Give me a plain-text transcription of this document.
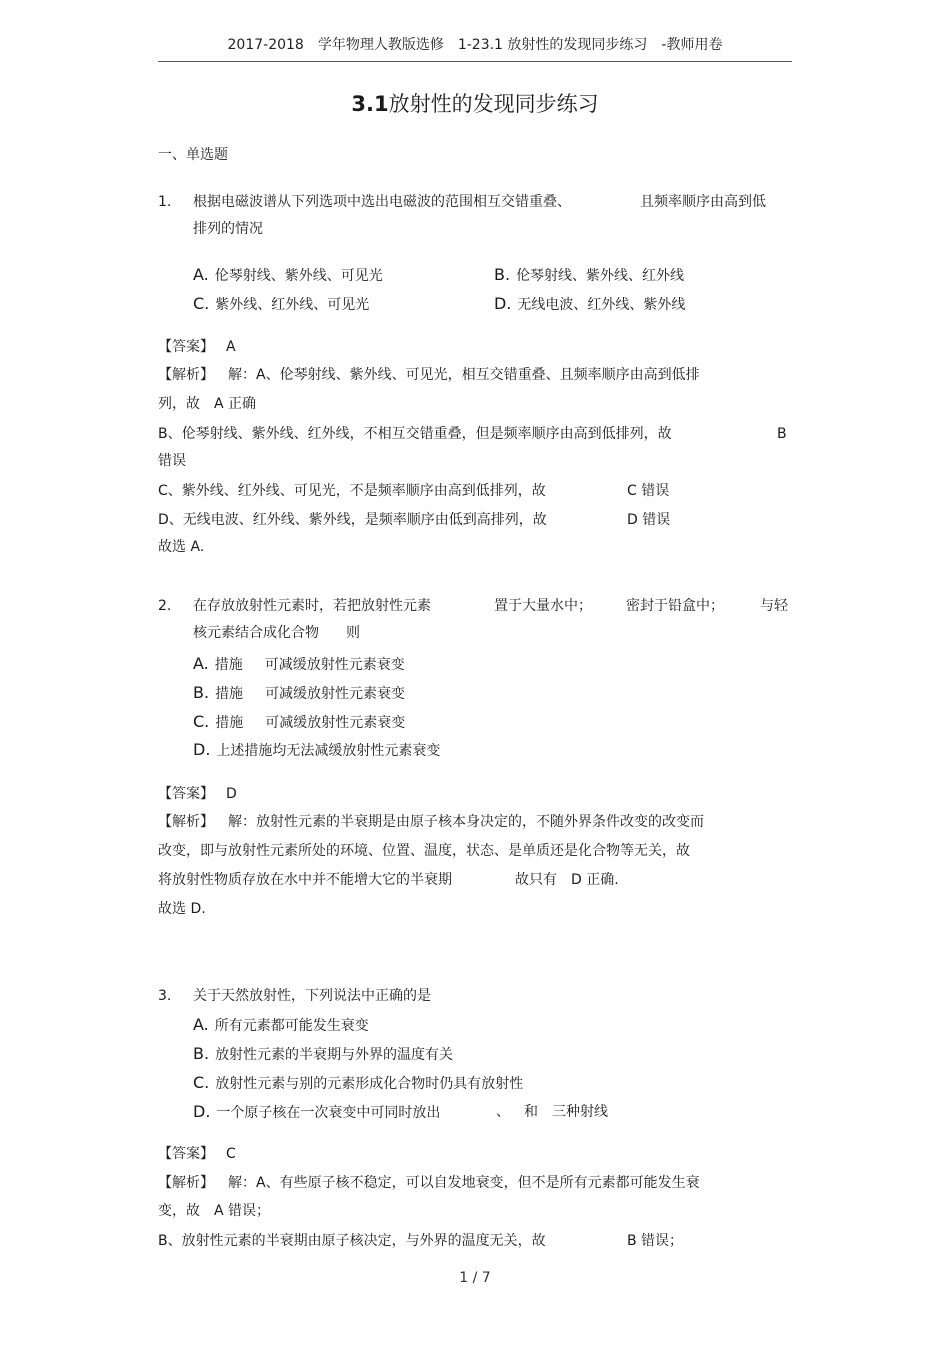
2017-2018　学年物理人教版选修　1-23.1 放射性的发现同步练习　-教师用卷
3.1放射性的发现同步练习
一、单选题
1. 根据电磁波谱从下列选项中选出电磁波的范围相互交错重叠、	且频率顺序由高到低
排列的情况
A. 伦琴射线、紫外线、可见光	B. 伦琴射线、紫外线、红外线
C. 紫外线、红外线、可见光	D. 无线电波、红外线、紫外线
【答案】 A
【解析】 解：A、伦琴射线、紫外线、可见光，相互交错重叠、且频率顺序由高到低排
列，故　A 正确
B、伦琴射线、紫外线、红外线，不相互交错重叠，但是频率顺序由高到低排列，故	B
错误
C、紫外线、红外线、可见光，不是频率顺序由高到低排列，故	C 错误
D、无线电波、红外线、紫外线，是频率顺序由低到高排列，故	D 错误
故选 A.
2. 在存放放射性元素时，若把放射性元素	置于大量水中； 密封于铅盒中；	与轻
核元素结合成化合物 则
A. 措施 可减缓放射性元素衰变
B. 措施 可减缓放射性元素衰变
C. 措施 可减缓放射性元素衰变
D. 上述措施均无法减缓放射性元素衰变
【答案】 D
【解析】 解：放射性元素的半衰期是由原子核本身决定的，不随外界条件改变的改变而
改变，即与放射性元素所处的环境、位置、温度，状态、是单质还是化合物等无关，故
将放射性物质存放在水中并不能增大它的半衰期	故只有　D 正确.
故选 D.
3. 关于天然放射性，下列说法中正确的是
A. 所有元素都可能发生衰变
B. 放射性元素的半衰期与外界的温度有关
C. 放射性元素与别的元素形成化合物时仍具有放射性
D. 一个原子核在一次衰变中可同时放出	、 和 三种射线
【答案】 C
【解析】 解：A、有些原子核不稳定，可以自发地衰变，但不是所有元素都可能发生衰
变，故　A 错误；
B、放射性元素的半衰期由原子核决定，与外界的温度无关，故	B 错误；
1 / 7
